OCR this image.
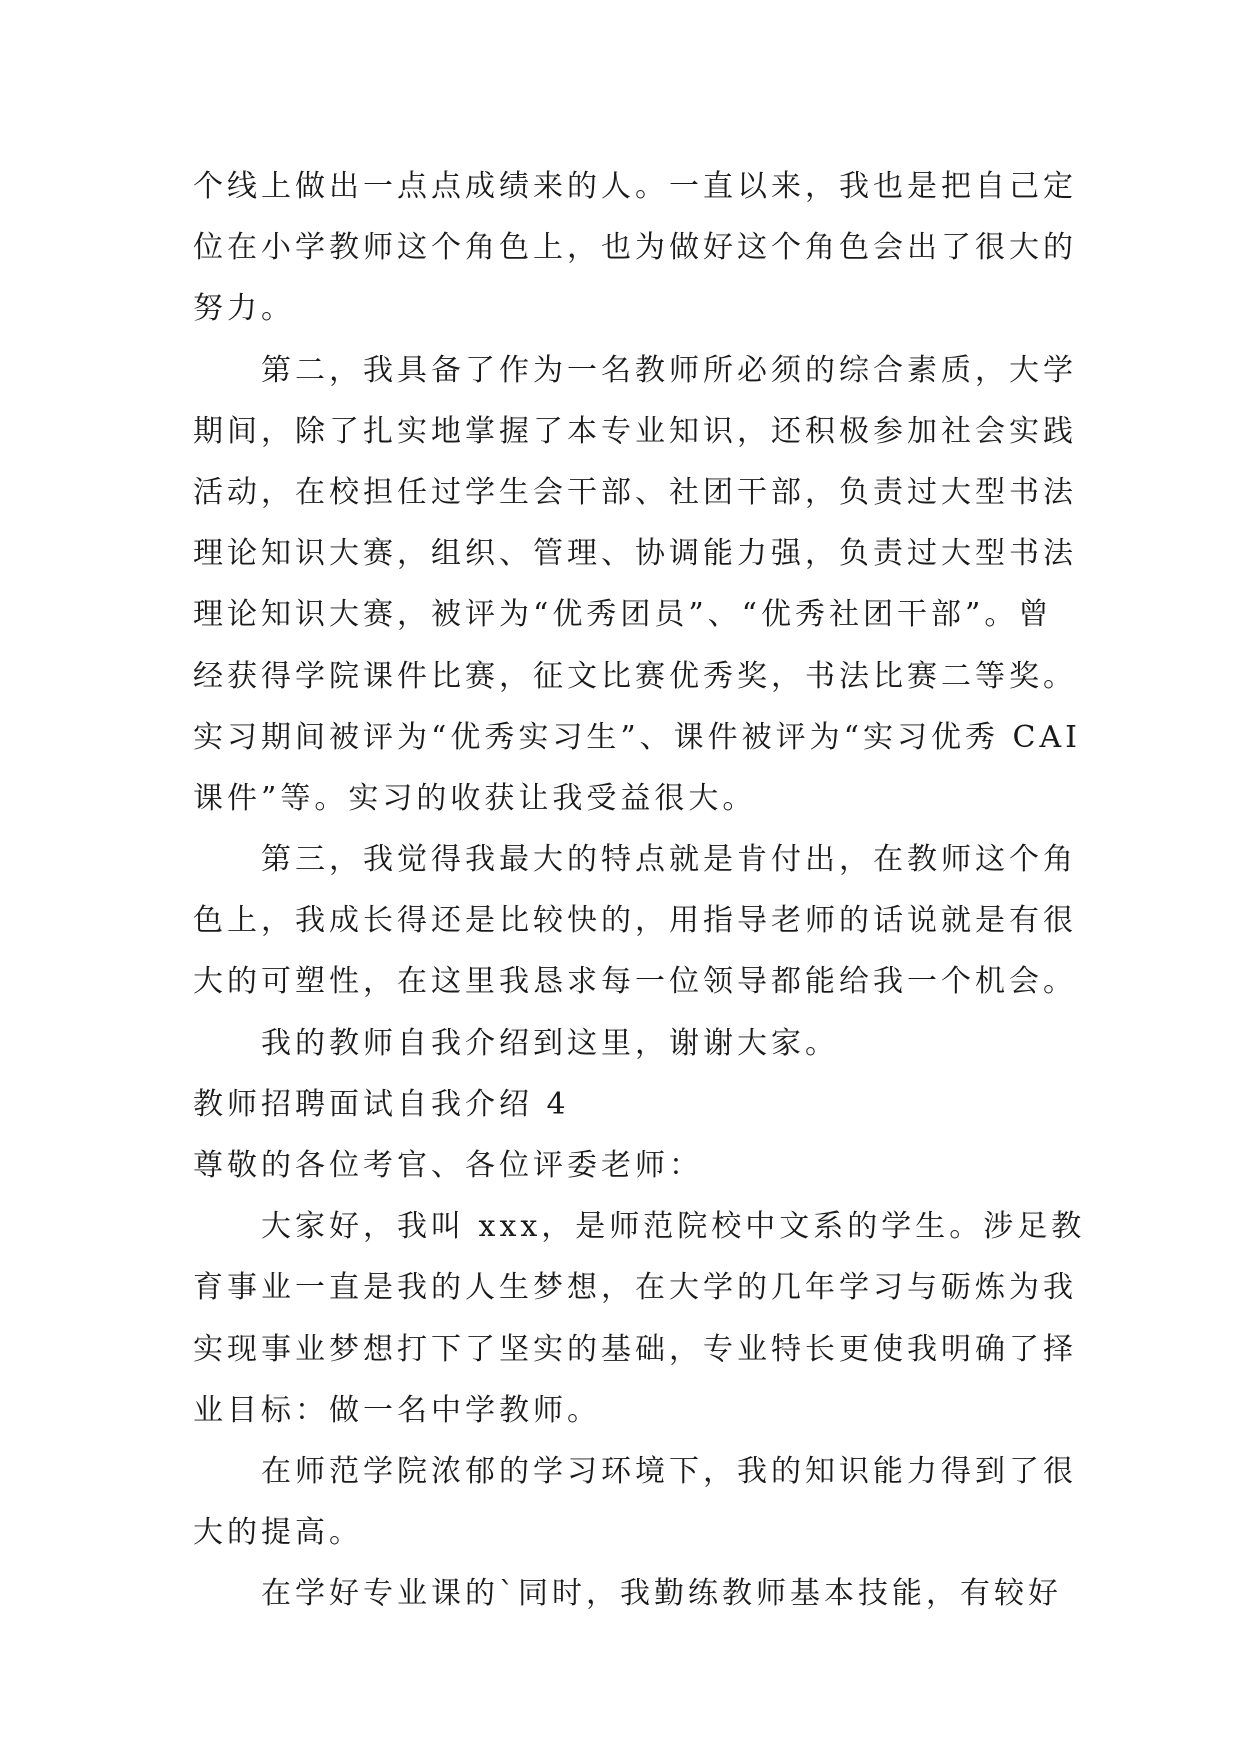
个线上做出一点点成绩来的人。一直以来，我也是把自己定
位在小学教师这个角色上，也为做好这个角色会出了很大的
努力。
第二，我具备了作为一名教师所必须的综合素质，大学
期间，除了扎实地掌握了本专业知识，还积极参加社会实践
活动，在校担任过学生会干部、社团干部，负责过大型书法
理论知识大赛，组织、管理、协调能力强，负责过大型书法
理论知识大赛，被评为“优秀团员”、“优秀社团干部”。曾
经获得学院课件比赛，征文比赛优秀奖，书法比赛二等奖。
实习期间被评为“优秀实习生”、课件被评为“实习优秀 CAI
课件”等。实习的收获让我受益很大。
第三，我觉得我最大的特点就是肯付出，在教师这个角
色上，我成长得还是比较快的，用指导老师的话说就是有很
大的可塑性，在这里我恳求每一位领导都能给我一个机会。
我的教师自我介绍到这里，谢谢大家。
教师招聘面试自我介绍 4
尊敬的各位考官、各位评委老师：
大家好，我叫 xxx，是师范院校中文系的学生。涉足教
育事业一直是我的人生梦想，在大学的几年学习与砺炼为我
实现事业梦想打下了坚实的基础，专业特长更使我明确了择
业目标：做一名中学教师。
在师范学院浓郁的学习环境下，我的知识能力得到了很
大的提高。
在学好专业课的`同时，我勤练教师基本技能，有较好
